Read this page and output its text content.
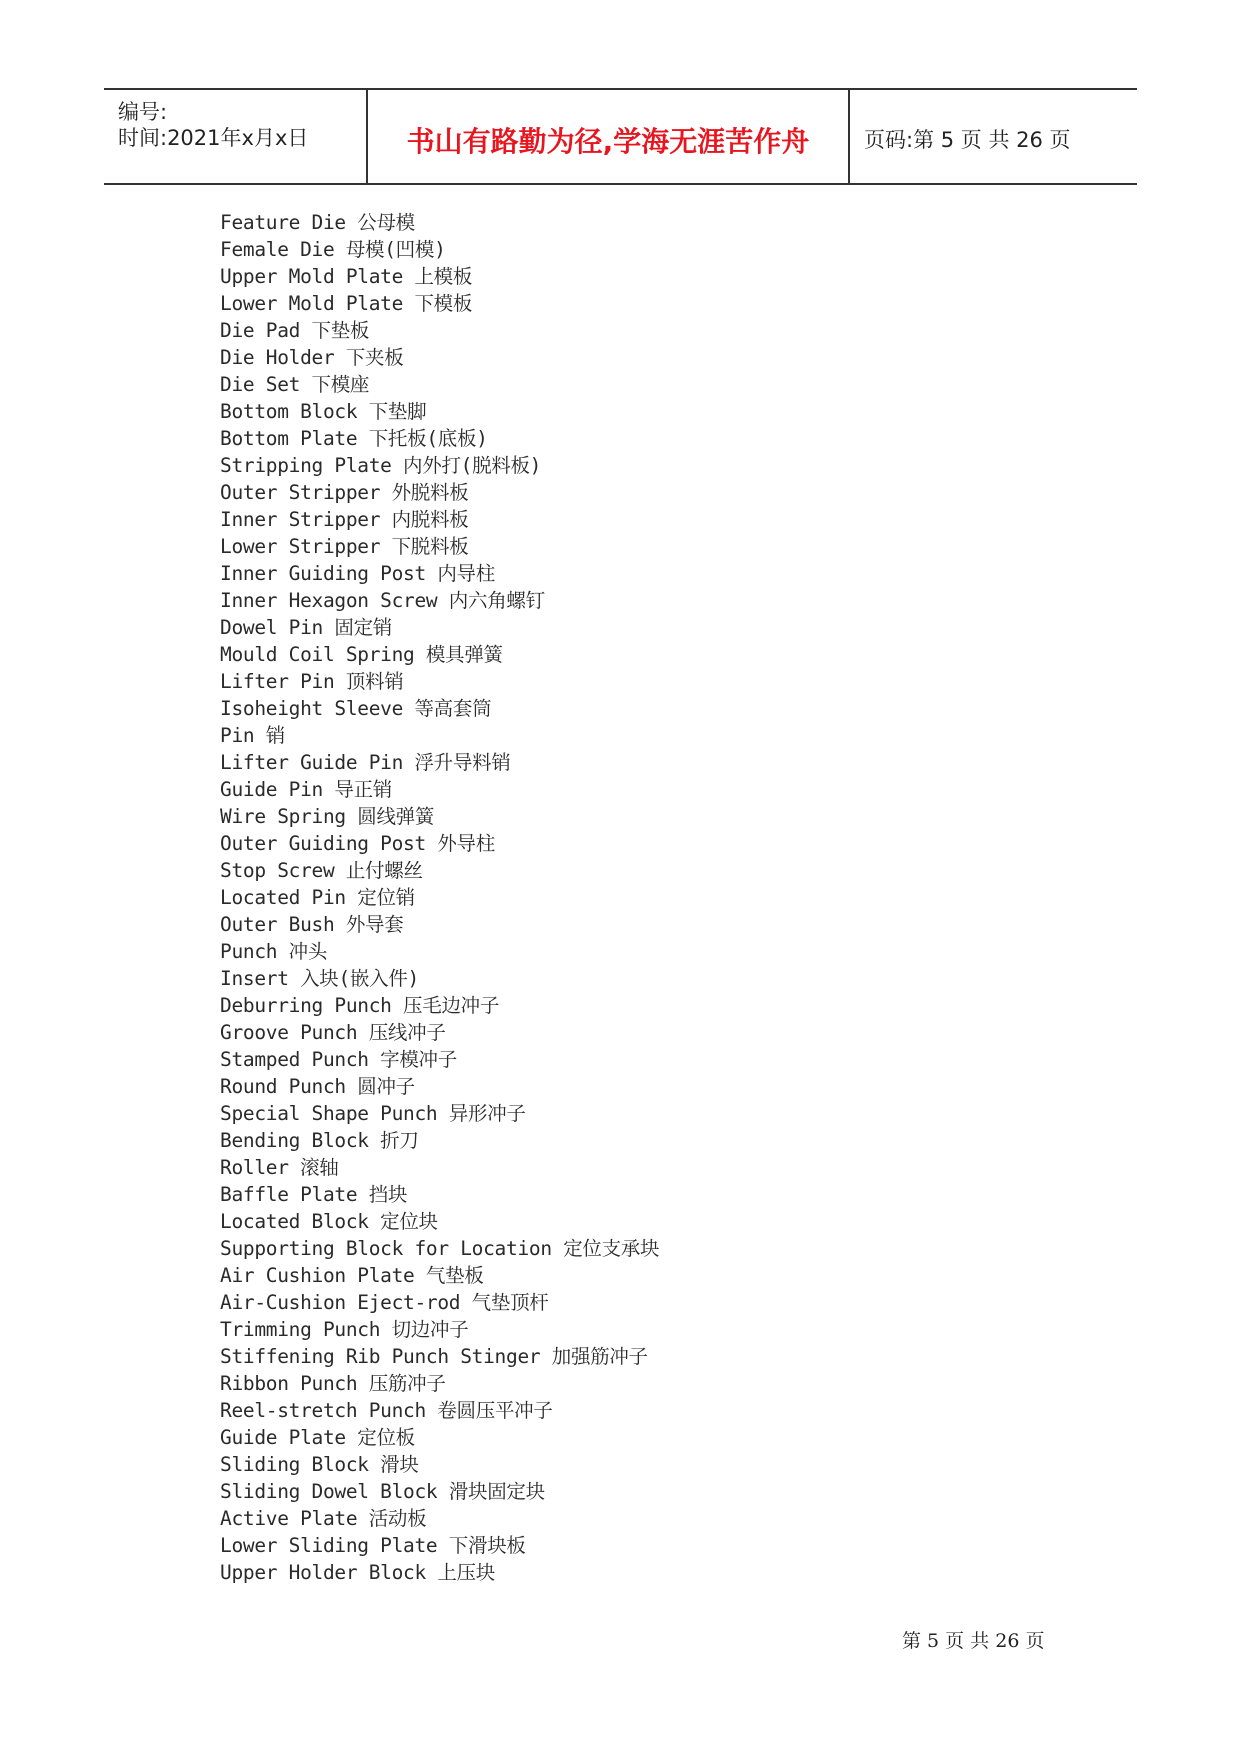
编号:
时间:2021年x月x日	书山有路勤为径,学海无涯苦作舟	页码:第 5 页 共 26 页
Feature Die 公母模
Female Die 母模(凹模)
Upper Mold Plate 上模板
Lower Mold Plate 下模板
Die Pad 下垫板
Die Holder 下夹板
Die Set 下模座
Bottom Block 下垫脚
Bottom Plate 下托板(底板)
Stripping Plate 内外打(脱料板)
Outer Stripper 外脱料板
Inner Stripper 内脱料板
Lower Stripper 下脱料板
Inner Guiding Post 内导柱
Inner Hexagon Screw 内六角螺钉
Dowel Pin 固定销
Mould Coil Spring 模具弹簧
Lifter Pin 顶料销
Isoheight Sleeve 等高套筒
Pin 销
Lifter Guide Pin 浮升导料销
Guide Pin 导正销
Wire Spring 圆线弹簧
Outer Guiding Post 外导柱
Stop Screw 止付螺丝
Located Pin 定位销
Outer Bush 外导套
Punch 冲头
Insert 入块(嵌入件)
Deburring Punch 压毛边冲子
Groove Punch 压线冲子
Stamped Punch 字模冲子
Round Punch 圆冲子
Special Shape Punch 异形冲子
Bending Block 折刀
Roller 滚轴
Baffle Plate 挡块
Located Block 定位块
Supporting Block for Location 定位支承块
Air Cushion Plate 气垫板
Air-Cushion Eject-rod 气垫顶杆
Trimming Punch 切边冲子
Stiffening Rib Punch Stinger 加强筋冲子
Ribbon Punch 压筋冲子
Reel-stretch Punch 卷圆压平冲子
Guide Plate 定位板
Sliding Block 滑块
Sliding Dowel Block 滑块固定块
Active Plate 活动板
Lower Sliding Plate 下滑块板
Upper Holder Block 上压块
第 5 页 共 26 页
